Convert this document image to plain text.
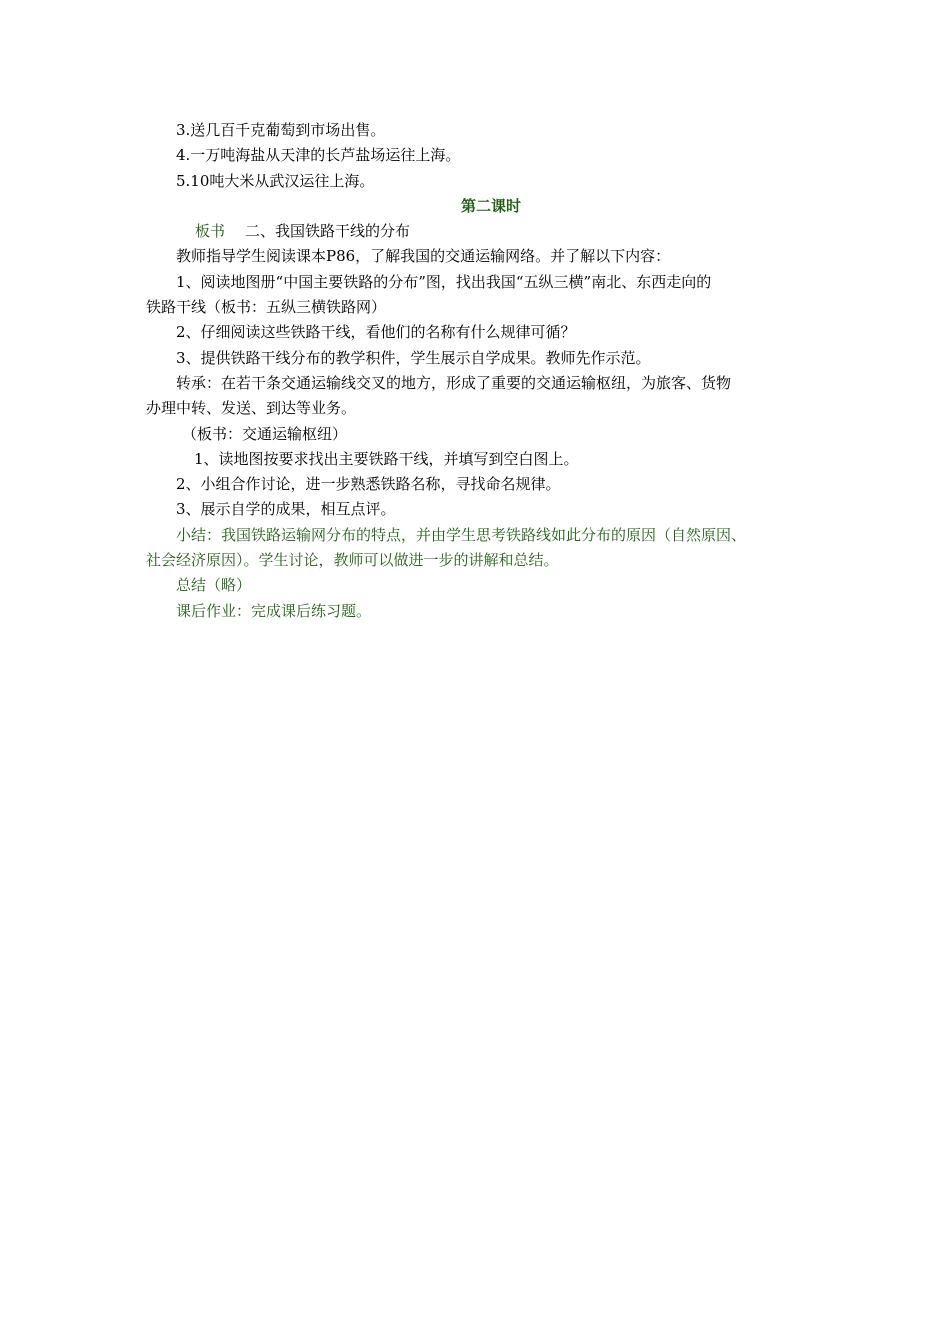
3.送几百千克葡萄到市场出售。

4.一万吨海盐从天津的长芦盐场运往上海。

5.10吨大米从武汉运往上海。

第二课时

板书 二、我国铁路干线的分布

教师指导学生阅读课本P86，了解我国的交通运输网络。并了解以下内容：

1、阅读地图册“中国主要铁路的分布”图，找出我国“五纵三横”南北、东西走向的

铁路干线（板书：五纵三横铁路网）

2、仔细阅读这些铁路干线，看他们的名称有什么规律可循？

3、提供铁路干线分布的教学积件，学生展示自学成果。教师先作示范。

转承：在若干条交通运输线交叉的地方，形成了重要的交通运输枢纽，为旅客、货物

办理中转、发送、到达等业务。

（板书：交通运输枢纽）

1、读地图按要求找出主要铁路干线，并填写到空白图上。

2、小组合作讨论，进一步熟悉铁路名称，寻找命名规律。

3、展示自学的成果，相互点评。

小结：我国铁路运输网分布的特点，并由学生思考铁路线如此分布的原因（自然原因、

社会经济原因）。学生讨论，教师可以做进一步的讲解和总结。

总结（略）

课后作业：完成课后练习题。
